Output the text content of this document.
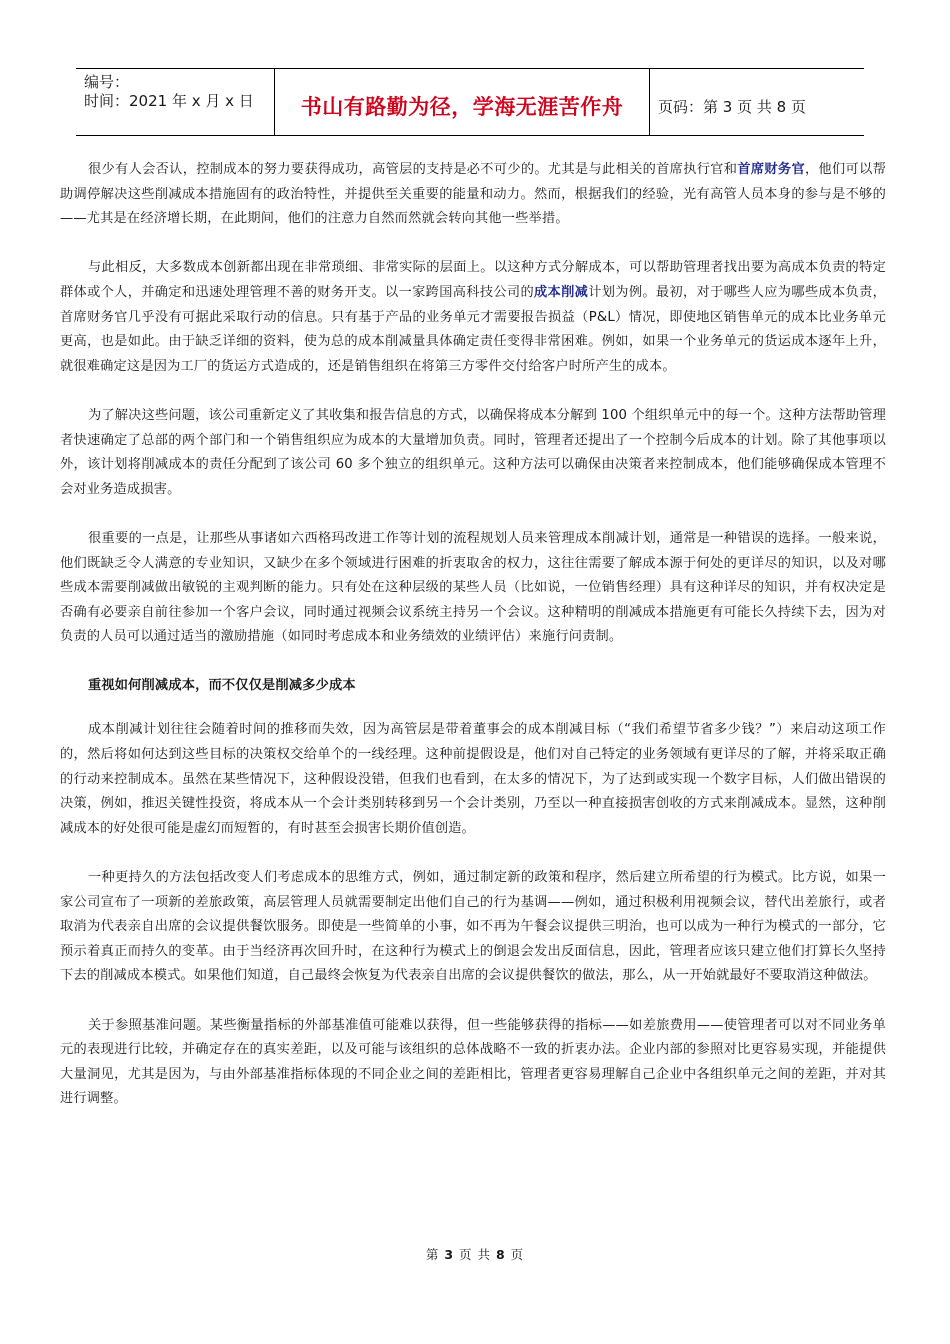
编号：
时间：2021 年 x 月 x 日	书山有路勤为径，学海无涯苦作舟	页码：第 3 页 共 8 页

很少有人会否认，控制成本的努力要获得成功，高管层的支持是必不可少的。尤其是与此相关的首席执行官和首席财务官，他们可以帮助调停解决这些削减成本措施固有的政治特性，并提供至关重要的能量和动力。然而，根据我们的经验，光有高管人员本身的参与是不够的——尤其是在经济增长期，在此期间，他们的注意力自然而然就会转向其他一些举措。

与此相反，大多数成本创新都出现在非常琐细、非常实际的层面上。以这种方式分解成本，可以帮助管理者找出要为高成本负责的特定群体或个人，并确定和迅速处理管理不善的财务开支。以一家跨国高科技公司的成本削减计划为例。最初，对于哪些人应为哪些成本负责，首席财务官几乎没有可据此采取行动的信息。只有基于产品的业务单元才需要报告损益（P&L）情况，即使地区销售单元的成本比业务单元更高，也是如此。由于缺乏详细的资料，使为总的成本削减量具体确定责任变得非常困难。例如，如果一个业务单元的货运成本逐年上升，就很难确定这是因为工厂的货运方式造成的，还是销售组织在将第三方零件交付给客户时所产生的成本。

为了解决这些问题，该公司重新定义了其收集和报告信息的方式，以确保将成本分解到 100 个组织单元中的每一个。这种方法帮助管理者快速确定了总部的两个部门和一个销售组织应为成本的大量增加负责。同时，管理者还提出了一个控制今后成本的计划。除了其他事项以外，该计划将削减成本的责任分配到了该公司 60 多个独立的组织单元。这种方法可以确保由决策者来控制成本，他们能够确保成本管理不会对业务造成损害。

很重要的一点是，让那些从事诸如六西格玛改进工作等计划的流程规划人员来管理成本削减计划，通常是一种错误的选择。一般来说，他们既缺乏令人满意的专业知识，又缺少在多个领域进行困难的折衷取舍的权力，这往往需要了解成本源于何处的更详尽的知识，以及对哪些成本需要削减做出敏锐的主观判断的能力。只有处在这种层级的某些人员（比如说，一位销售经理）具有这种详尽的知识，并有权决定是否确有必要亲自前往参加一个客户会议，同时通过视频会议系统主持另一个会议。这种精明的削减成本措施更有可能长久持续下去，因为对负责的人员可以通过适当的激励措施（如同时考虑成本和业务绩效的业绩评估）来施行问责制。

重视如何削减成本，而不仅仅是削减多少成本

成本削减计划往往会随着时间的推移而失效，因为高管层是带着董事会的成本削减目标（“我们希望节省多少钱？”）来启动这项工作的，然后将如何达到这些目标的决策权交给单个的一线经理。这种前提假设是，他们对自己特定的业务领域有更详尽的了解，并将采取正确的行动来控制成本。虽然在某些情况下，这种假设没错，但我们也看到，在太多的情况下，为了达到或实现一个数字目标，人们做出错误的决策，例如，推迟关键性投资，将成本从一个会计类别转移到另一个会计类别，乃至以一种直接损害创收的方式来削减成本。显然，这种削减成本的好处很可能是虚幻而短暂的，有时甚至会损害长期价值创造。

一种更持久的方法包括改变人们考虑成本的思维方式，例如，通过制定新的政策和程序，然后建立所希望的行为模式。比方说，如果一家公司宣布了一项新的差旅政策，高层管理人员就需要制定出他们自己的行为基调——例如，通过积极利用视频会议，替代出差旅行，或者取消为代表亲自出席的会议提供餐饮服务。即使是一些简单的小事，如不再为午餐会议提供三明治，也可以成为一种行为模式的一部分，它预示着真正而持久的变革。由于当经济再次回升时，在这种行为模式上的倒退会发出反面信息，因此，管理者应该只建立他们打算长久坚持下去的削减成本模式。如果他们知道，自己最终会恢复为代表亲自出席的会议提供餐饮的做法，那么，从一开始就最好不要取消这种做法。

关于参照基准问题。某些衡量指标的外部基准值可能难以获得，但一些能够获得的指标——如差旅费用——使管理者可以对不同业务单元的表现进行比较，并确定存在的真实差距，以及可能与该组织的总体战略不一致的折衷办法。企业内部的参照对比更容易实现，并能提供大量洞见，尤其是因为，与由外部基准指标体现的不同企业之间的差距相比，管理者更容易理解自己企业中各组织单元之间的差距，并对其进行调整。

第 3 页 共 8 页
